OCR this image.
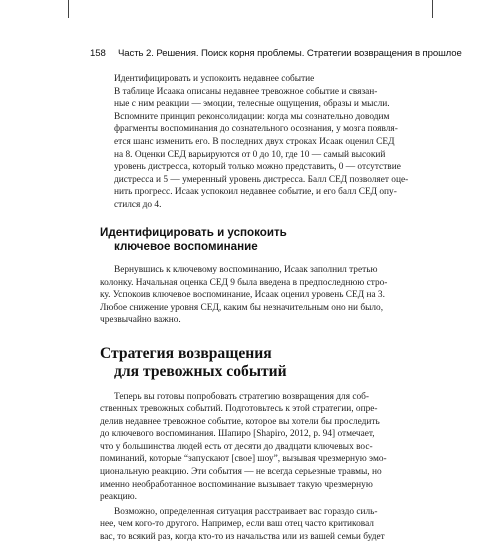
158 Часть 2. Решения. Поиск корня проблемы. Стратегии возвращения в прошлое
Идентифицировать и успокоить недавнее событие
В таблице Исаака описаны недавнее тревожное событие и связан-
ные с ним реакции — эмоции, телесные ощущения, образы и мысли.
Вспомните принцип реконсолидации: когда мы сознательно доводим
фрагменты воспоминания до сознательного осознания, у мозга появля-
ется шанс изменить его. В последних двух строках Исаак оценил СЕД
на 8. Оценки СЕД варьируются от 0 до 10, где 10 — самый высокий
уровень дистресса, который только можно представить, 0 — отсутствие
дистресса и 5 — умеренный уровень дистресса. Балл СЕД позволяет оце-
нить прогресс. Исаак успокоил недавнее событие, и его балл СЕД опу-
стился до 4.
Идентифицировать и успокоить
ключевое воспоминание
Вернувшись к ключевому воспоминанию, Исаак заполнил третью
колонку. Начальная оценка СЕД 9 была введена в предпоследнюю стро-
ку. Успокоив ключевое воспоминание, Исаак оценил уровень СЕД на 3.
Любое снижение уровня СЕД, каким бы незначительным оно ни было,
чрезвычайно важно.
Стратегия возвращения
для тревожных событий
Теперь вы готовы попробовать стратегию возвращения для соб-
ственных тревожных событий. Подготовьтесь к этой стратегии, опре-
делив недавнее тревожное событие, которое вы хотели бы проследить
до ключевого воспоминания. Шапиро [Shapiro, 2012, p. 94] отмечает,
что у большинства людей есть от десяти до двадцати ключевых вос-
поминаний, которые “запускают [свое] шоу”, вызывая чрезмерную эмо-
циональную реакцию. Эти события — не всегда серьезные травмы, но
именно необработанное воспоминание вызывает такую чрезмерную
реакцию.
Возможно, определенная ситуация расстраивает вас гораздо силь-
нее, чем кого-то другого. Например, если ваш отец часто критиковал
вас, то всякий раз, когда кто-то из начальства или из вашей семьи будет
